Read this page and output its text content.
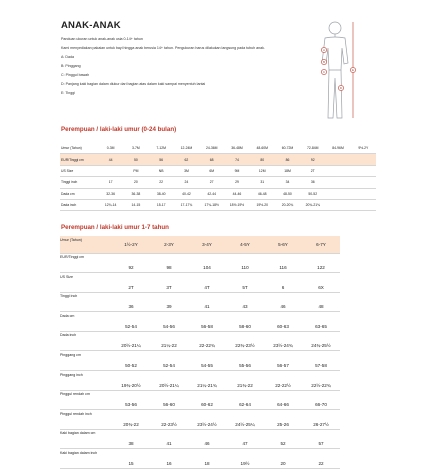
ANAK-ANAK

Panduan ukuran untuk anak-anak usia 0-14+ tahun

Kami menyediakan pakaian untuk bayi hingga anak berusia 14+ tahun. Pengukuran harus dilakukan langsung pada tubuh anak.

A: Dada

B: Pinggang

C: Pinggul bawah

D: Panjang kaki bagian dalam diukur dari bagian atas dalam kaki sampai menyentuh lantai

E: Tinggi

A
B
C
D
E
Perempuan / laki-laki umur (0-24 bulan)
Umur (Tahun)	0-3M	3-7M	7-12M	12-24M	24-36M	36-48M	48-60M	60-72M	72-84M	84-96M	9½-2Y
EUR/Tinggi cm	44	50	56	62	68	74	80	86	92		
US Size		PM	NB	3M	6M	9M	12M	18M	2T		
Tinggi inch	17	20	22	24	27	29	31	34	36		
Dada cm	32-36	36-38	38-40	40-42	42-44	44-46	46-48	48-50	50-52		
Dada inch	12¾-14	14-15	15-17	17-17¾	17¾-18½	18½-19½	19½-20	20-20¾	20¾-21¾		
Perempuan / laki-laki umur 1-7 tahun
Umur (Tahun)	1½-2Y	2-3Y	3-4Y	4-5Y	5-6Y	6-7Y
EUR/Tinggi cm	92	98	104	110	116	122
US Size	2T	3T	4T	5T	6	6X
Tinggi inch	36	39	41	43	46	48
Dada cm	52-54	54-56	56-58	58-60	60-63	63-65
Dada inch	20½-21¼	21¼-22	22-22¾	22¾-23½	23½-24¾	24¾-25½
Pinggang cm	50-52	52-54	54-55	55-56	56-57	57-58
Pinggang inch	19¾-20½	20½-21¼	21¼-21¾	21¾-22	22-22½	22½-22¾
Pinggul rendah cm	53-56	56-60	60-62	62-64	64-66	66-70
Pinggul rendah inch	20¾-22	22-23½	23½-24½	24½-25¼	25-26	26-27½
Kaki bagian dalam cm	38	41	46	47	52	57
Kaki bagian dalam inch	15	16	18	19½	20	22
